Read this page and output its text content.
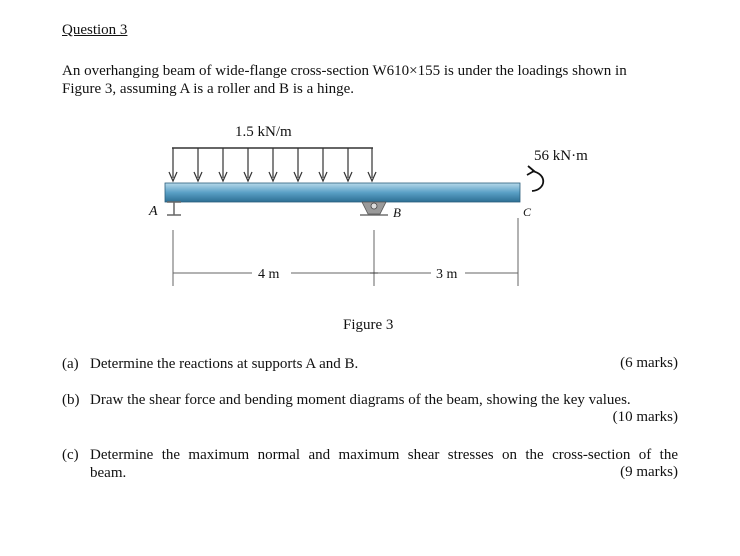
Question 3
An overhanging beam of wide-flange cross-section W610×155 is under the loadings shown in
Figure 3, assuming A is a roller and B is a hinge.
1.5 kN/m
56 kN·m
A	B	C
4 m	3 m
Figure 3
(a) Determine the reactions at supports A and B.	(6 marks)
(b) Draw the shear force and bending moment diagrams of the beam, showing the key values.
(10 marks)
(c) Determine the maximum normal and maximum shear stresses on the cross-section of the
beam.	(9 marks)
